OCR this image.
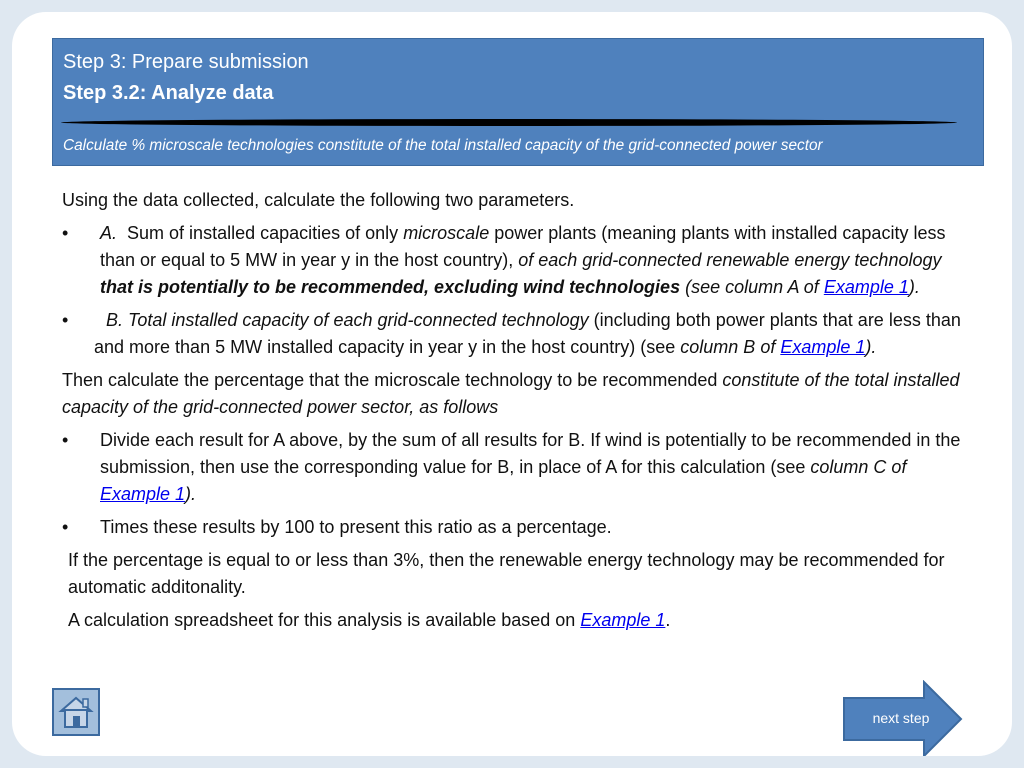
Step 3: Prepare submission
Step 3.2: Analyze data
Calculate % microscale technologies constitute of the total installed capacity of the grid-connected power sector

Using the data collected, calculate the following two parameters.

• A. Sum of installed capacities of only microscale power plants (meaning plants with installed capacity less than or equal to 5 MW in year y in the host country), of each grid-connected renewable energy technology that is potentially to be recommended, excluding wind technologies (see column A of Example 1).
• B. Total installed capacity of each grid-connected technology (including both power plants that are less than and more than 5 MW installed capacity in year y in the host country) (see column B of Example 1).

Then calculate the percentage that the microscale technology to be recommended constitute of the total installed capacity of the grid-connected power sector, as follows

• Divide each result for A above, by the sum of all results for B. If wind is potentially to be recommended in the submission, then use the corresponding value for B, in place of A for this calculation (see column C of Example 1).
• Times these results by 100 to present this ratio as a percentage.

If the percentage is equal to or less than 3%, then the renewable energy technology may be recommended for automatic additonality.

A calculation spreadsheet for this analysis is available based on Example 1.

next step
